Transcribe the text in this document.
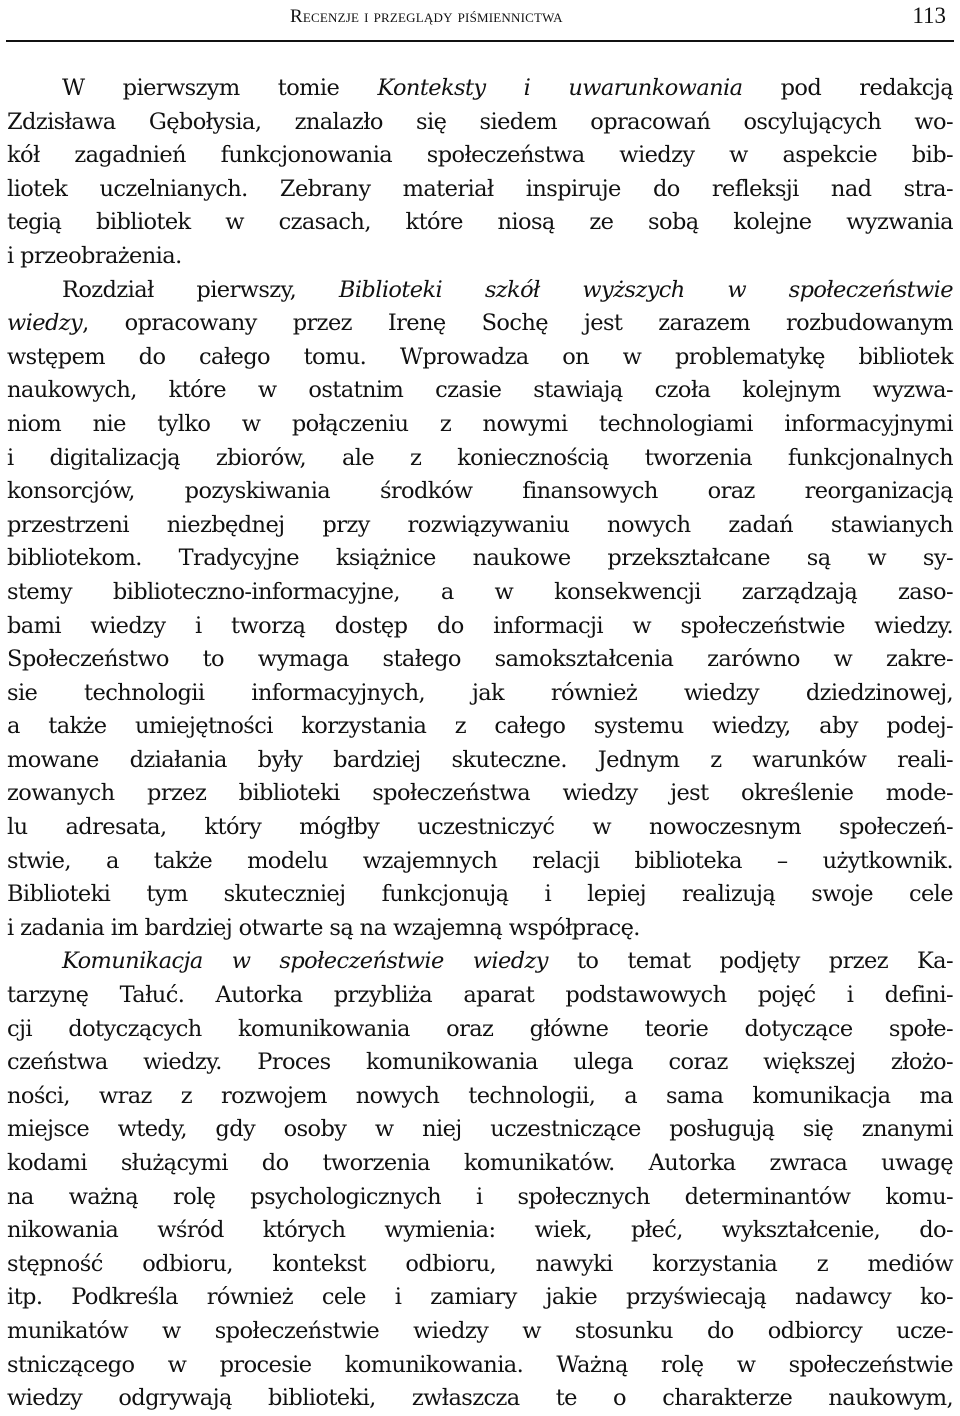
Recenzje i przeglądy piśmiennictwa	113
W pierwszym tomie Konteksty i uwarunkowania pod redakcją
Zdzisława Gębołysia, znalazło się siedem opracowań oscylujących wo-
kół zagadnień funkcjonowania społeczeństwa wiedzy w aspekcie bib-
liotek uczelnianych. Zebrany materiał inspiruje do refleksji nad stra-
tegią bibliotek w czasach, które niosą ze sobą kolejne wyzwania
i przeobrażenia.
Rozdział pierwszy, Biblioteki szkół wyższych w społeczeństwie
wiedzy, opracowany przez Irenę Sochę jest zarazem rozbudowanym
wstępem do całego tomu. Wprowadza on w problematykę bibliotek
naukowych, które w ostatnim czasie stawiają czoła kolejnym wyzwa-
niom nie tylko w połączeniu z nowymi technologiami informacyjnymi
i digitalizacją zbiorów, ale z koniecznością tworzenia funkcjonalnych
konsorcjów, pozyskiwania środków finansowych oraz reorganizacją
przestrzeni niezbędnej przy rozwiązywaniu nowych zadań stawianych
bibliotekom. Tradycyjne książnice naukowe przekształcane są w sy-
stemy biblioteczno-informacyjne, a w konsekwencji zarządzają zaso-
bami wiedzy i tworzą dostęp do informacji w społeczeństwie wiedzy.
Społeczeństwo to wymaga stałego samokształcenia zarówno w zakre-
sie technologii informacyjnych, jak również wiedzy dziedzinowej,
a także umiejętności korzystania z całego systemu wiedzy, aby podej-
mowane działania były bardziej skuteczne. Jednym z warunków reali-
zowanych przez biblioteki społeczeństwa wiedzy jest określenie mode-
lu adresata, który mógłby uczestniczyć w nowoczesnym społeczeń-
stwie, a także modelu wzajemnych relacji biblioteka – użytkownik.
Biblioteki tym skuteczniej funkcjonują i lepiej realizują swoje cele
i zadania im bardziej otwarte są na wzajemną współpracę.
Komunikacja w społeczeństwie wiedzy to temat podjęty przez Ka-
tarzynę Tałuć. Autorka przybliża aparat podstawowych pojęć i defini-
cji dotyczących komunikowania oraz główne teorie dotyczące społe-
czeństwa wiedzy. Proces komunikowania ulega coraz większej złożo-
ności, wraz z rozwojem nowych technologii, a sama komunikacja ma
miejsce wtedy, gdy osoby w niej uczestniczące posługują się znanymi
kodami służącymi do tworzenia komunikatów. Autorka zwraca uwagę
na ważną rolę psychologicznych i społecznych determinantów komu-
nikowania wśród których wymienia: wiek, płeć, wykształcenie, do-
stępność odbioru, kontekst odbioru, nawyki korzystania z mediów
itp. Podkreśla również cele i zamiary jakie przyświecają nadawcy ko-
munikatów w społeczeństwie wiedzy w stosunku do odbiorcy ucze-
stniczącego w procesie komunikowania. Ważną rolę w społeczeństwie
wiedzy odgrywają biblioteki, zwłaszcza te o charakterze naukowym,
